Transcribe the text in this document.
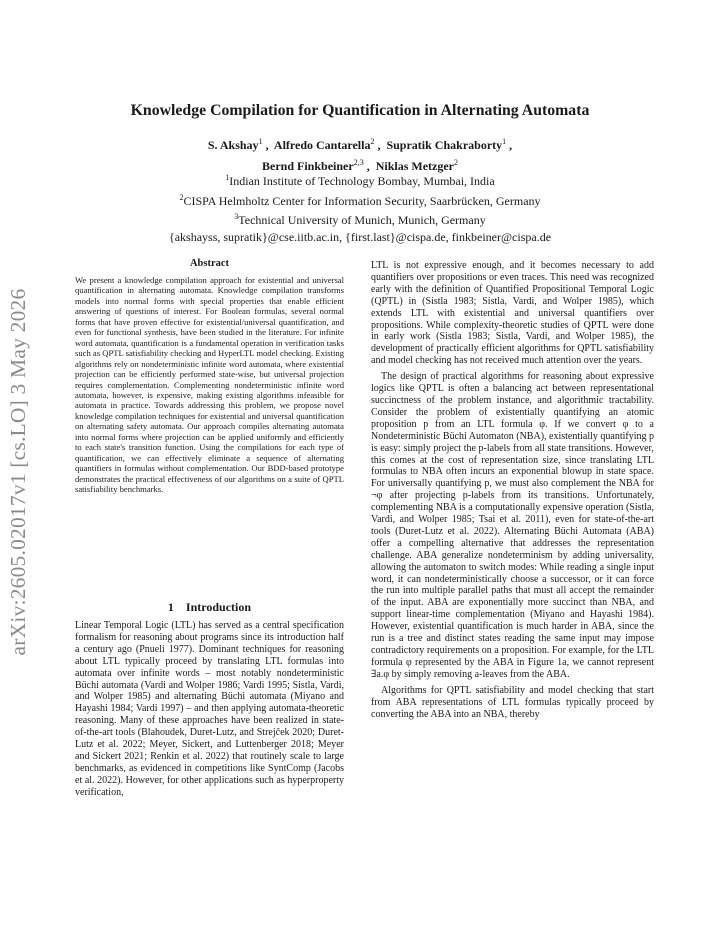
arXiv:2605.02017v1 [cs.LO] 3 May 2026
Knowledge Compilation for Quantification in Alternating Automata
S. Akshay$^1$ ,  Alfredo Cantarella$^2$ ,  Supratik Chakraborty$^1$ ,
Bernd Finkbeiner$^{2,3}$ ,  Niklas Metzger$^2$
$^1$Indian Institute of Technology Bombay, Mumbai, India
$^2$CISPA Helmholtz Center for Information Security, Saarbrücken, Germany
$^3$Technical University of Munich, Munich, Germany
{akshayss, supratik}@cse.iitb.ac.in, {first.last}@cispa.de, finkbeiner@cispa.de
Abstract
We present a knowledge compilation approach for existential and universal quantification in alternating automata. Knowledge compilation transforms models into normal forms with special properties that enable efficient answering of questions of interest. For Boolean formulas, several normal forms that have proven effective for existential/universal quantification, and even for functional synthesis, have been studied in the literature. For infinite word automata, quantification is a fundamental operation in verification tasks such as QPTL satisfiability checking and HyperLTL model checking. Existing algorithms rely on nondeterministic infinite word automata, where existential projection can be efficiently performed state-wise, but universal projection requires complementation. Complementing nondeterministic infinite word automata, however, is expensive, making existing algorithms infeasible for automata in practice. Towards addressing this problem, we propose novel knowledge compilation techniques for existential and universal quantification on alternating safety automata. Our approach compiles alternating automata into normal forms where projection can be applied uniformly and efficiently to each state's transition function. Using the compilations for each type of quantification, we can effectively eliminate a sequence of alternating quantifiers in formulas without complementation. Our BDD-based prototype demonstrates the practical effectiveness of our algorithms on a suite of QPTL satisfiability benchmarks.
1 Introduction

Linear Temporal Logic (LTL) has served as a central specification formalism for reasoning about programs since its introduction half a century ago (Pnueli 1977). Dominant techniques for reasoning about LTL typically proceed by translating LTL formulas into automata over infinite words – most notably nondeterministic Büchi automata (Vardi and Wolper 1986; Vardi 1995; Sistla, Vardi, and Wolper 1985) and alternating Büchi automata (Miyano and Hayashi 1984; Vardi 1997) – and then applying automata-theoretic reasoning. Many of these approaches have been realized in state-of-the-art tools (Blahoudek, Duret-Lutz, and Strejček 2020; Duret-Lutz et al. 2022; Meyer, Sickert, and Luttenberger 2018; Meyer and Sickert 2021; Renkin et al. 2022) that routinely scale to large benchmarks, as evidenced in competitions like SyntComp (Jacobs et al. 2022). However, for other applications such as hyperproperty verification,

LTL is not expressive enough, and it becomes necessary to add quantifiers over propositions or even traces. This need was recognized early with the definition of Quantified Propositional Temporal Logic (QPTL) in (Sistla 1983; Sistla, Vardi, and Wolper 1985), which extends LTL with existential and universal quantifiers over propositions. While complexity-theoretic studies of QPTL were done in early work (Sistla 1983; Sistla, Vardi, and Wolper 1985), the development of practically efficient algorithms for QPTL satisfiability and model checking has not received much attention over the years.

The design of practical algorithms for reasoning about expressive logics like QPTL is often a balancing act between representational succinctness of the problem instance, and algorithmic tractability. Consider the problem of existentially quantifying an atomic proposition p from an LTL formula φ. If we convert φ to a Nondeterministic Büchi Automaton (NBA), existentially quantifying p is easy: simply project the p-labels from all state transitions. However, this comes at the cost of representation size, since translating LTL formulas to NBA often incurs an exponential blowup in state space. For universally quantifying p, we must also complement the NBA for ¬φ after projecting p-labels from its transitions. Unfortunately, complementing NBA is a computationally expensive operation (Sistla, Vardi, and Wolper 1985; Tsai et al. 2011), even for state-of-the-art tools (Duret-Lutz et al. 2022). Alternating Büchi Automata (ABA) offer a compelling alternative that addresses the representation challenge. ABA generalize nondeterminism by adding universality, allowing the automaton to switch modes: While reading a single input word, it can nondeterministically choose a successor, or it can force the run into multiple parallel paths that must all accept the remainder of the input. ABA are exponentially more succinct than NBA, and support linear-time complementation (Miyano and Hayashi 1984). However, existential quantification is much harder in ABA, since the run is a tree and distinct states reading the same input may impose contradictory requirements on a proposition. For example, for the LTL formula φ represented by the ABA in Figure 1a, we cannot represent ∃a.φ by simply removing a-leaves from the ABA.

Algorithms for QPTL satisfiability and model checking that start from ABA representations of LTL formulas typically proceed by converting the ABA into an NBA, thereby
